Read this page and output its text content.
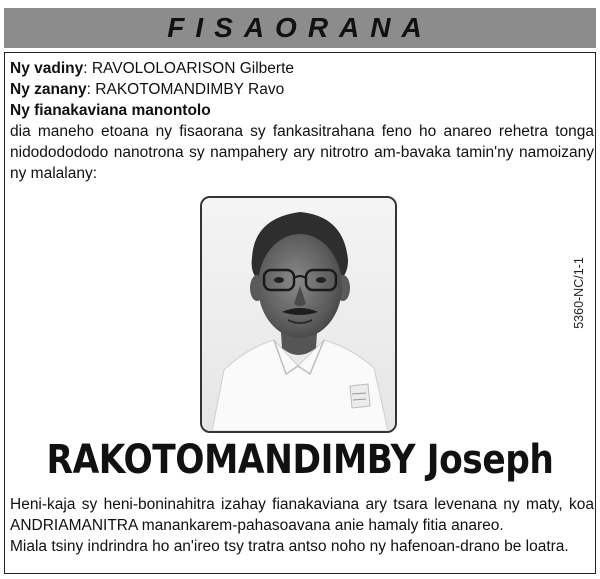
FISAORANA
Ny vadiny: RAVOLOLOARISON Gilberte
Ny zanany: RAKOTOMANDIMBY Ravo
Ny fianakaviana manontolo
dia maneho etoana ny fisaorana sy fankasitrahana feno ho anareo rehetra tonga nidododododo nanotrona sy nampahery ary nitrotro am-bavaka tamin'ny namoizany ny malalany:
5360-NC/1-1
RAKOTOMANDIMBY Joseph
Heni-kaja sy heni-boninahitra izahay fianakaviana ary tsara levenana ny maty, koa ANDRIAMANITRA manankarem-pahasoavana anie hamaly fitia anareo.
Miala tsiny indrindra ho an'ireo tsy tratra antso noho ny hafenoan-drano be loatra.
